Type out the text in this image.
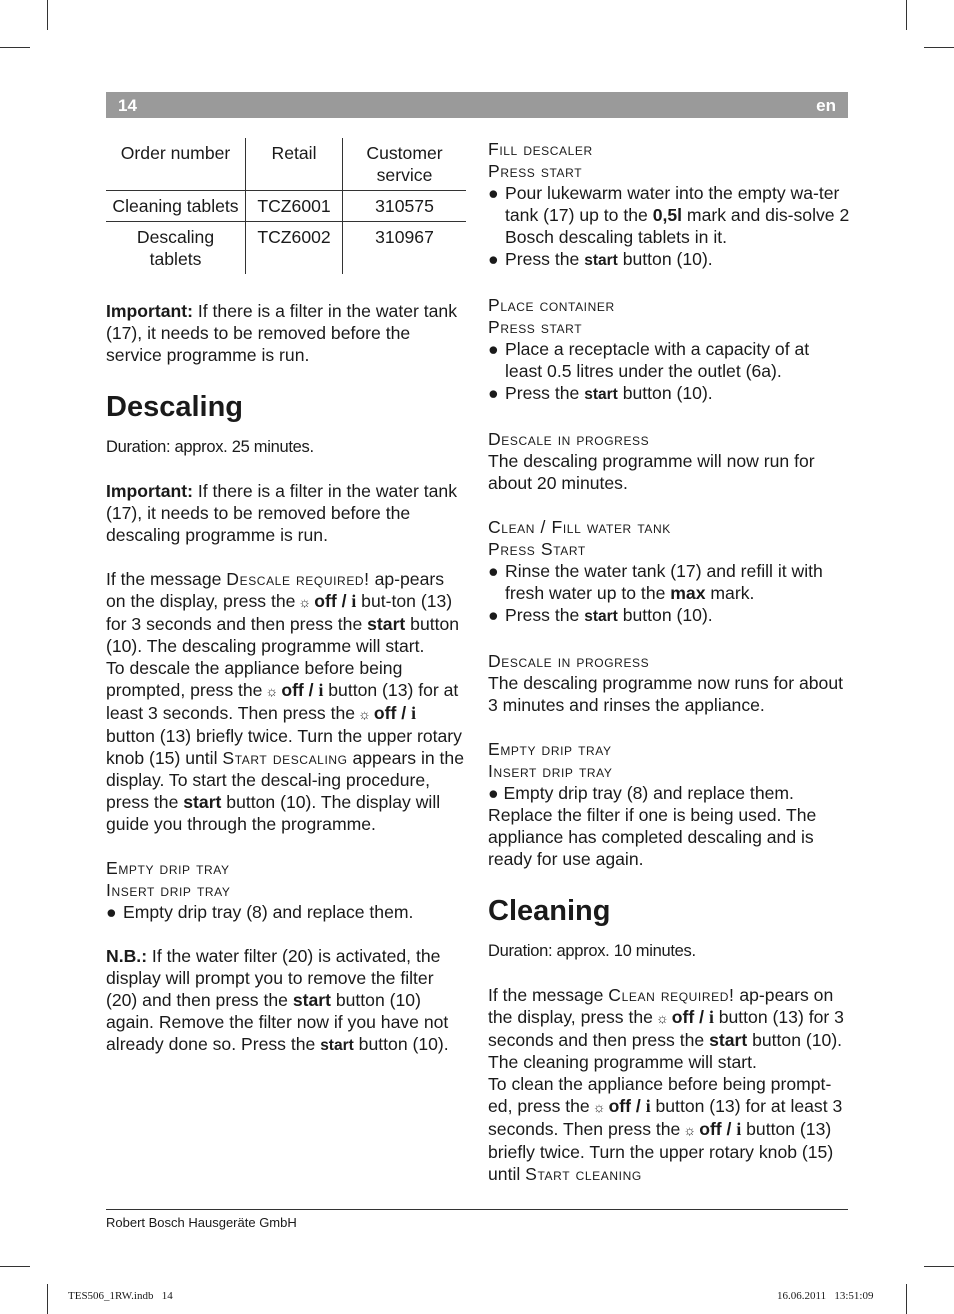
14	en
Order number	Retail	Customer service
Cleaning tablets	TCZ6001	310575
Descaling tablets	TCZ6002	310967

Important: If there is a filter in the water tank (17), it needs to be removed before the service programme is run.

Descaling

Duration: approx. 25 minutes.

Important: If there is a filter in the water tank (17), it needs to be removed before the descaling programme is run.

If the message Descale required! ap-pears on the display, press the ☼ off / i but-ton (13) for 3 seconds and then press the start button (10). The descaling programme will start.

To descale the appliance before being prompted, press the ☼ off / i button (13) for at least 3 seconds. Then press the ☼ off / i button (13) briefly twice. Turn the upper rotary knob (15) until Start descaling appears in the display. To start the descal-ing procedure, press the start button (10). The display will guide you through the programme.

Empty drip tray

Insert drip tray

● Empty drip tray (8) and replace them.

N.B.: If the water filter (20) is activated, the display will prompt you to remove the filter (20) and then press the start button (10) again. Remove the filter now if you have not already done so. Press the start button (10).

Fill descaler

Press start

● Pour lukewarm water into the empty wa-ter tank (17) up to the 0,5l mark and dis-solve 2 Bosch descaling tablets in it.

● Press the start button (10).

Place container

Press start

● Place a receptacle with a capacity of at least 0.5 litres under the outlet (6a).

● Press the start button (10).

Descale in progress

The descaling programme will now run for about 20 minutes.

Clean / Fill water tank

Press Start

● Rinse the water tank (17) and refill it with fresh water up to the max mark.

● Press the start button (10).

Descale in progress

The descaling programme now runs for about 3 minutes and rinses the appliance.

Empty drip tray

Insert drip tray

● Empty drip tray (8) and replace them.

Replace the filter if one is being used. The appliance has completed descaling and is ready for use again.

Cleaning

Duration: approx. 10 minutes.

If the message Clean required! ap-pears on the display, press the ☼ off / i button (13) for 3 seconds and then press the start button (10).

The cleaning programme will start.

To clean the appliance before being prompt-ed, press the ☼ off / i button (13) for at least 3 seconds. Then press the ☼ off / i button (13) briefly twice. Turn the upper rotary knob (15) until Start cleaning

Robert Bosch Hausgeräte GmbH
TES506_1RW.indb   14	16.06.2011   13:51:09
